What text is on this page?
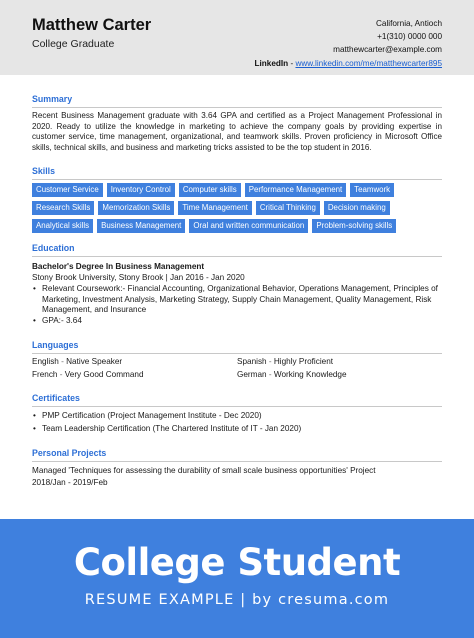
Matthew Carter
College Graduate
California, Antioch
+1(310) 0000 000
matthewcarter@example.com
LinkedIn - www.linkedin.com/me/matthewcarter895
Summary
Recent Business Management graduate with 3.64 GPA and certified as a Project Management Professional in 2020. Ready to utilize the knowledge in marketing to achieve the company goals by providing expertise in customer service, time management, organizational, and teamwork skills. Proven proficiency in Microsoft Office skills, technical skills, and business and marketing tricks assisted to be the top student in 2016.
Skills
Customer Service	Inventory Control	Computer skills	Performance Management	Teamwork
Research Skills	Memorization Skills	Time Management	Critical Thinking	Decision making
Analytical skills	Business Management	Oral and written communication	Problem-solving skills
Education
Bachelor's Degree In Business Management
Stony Brook University, Stony Brook | Jan 2016 - Jan 2020
• Relevant Coursework:- Financial Accounting, Organizational Behavior, Operations Management, Principles of Marketing, Investment Analysis, Marketing Strategy, Supply Chain Management, Quality Management, Risk Management, and Insurance
• GPA:- 3.64
Languages
English - Native Speaker	Spanish - Highly Proficient
French - Very Good Command	German - Working Knowledge
Certificates
• PMP Certification (Project Management Institute - Dec 2020)
• Team Leadership Certification (The Chartered Institute of IT - Jan 2020)
Personal Projects
Managed 'Techniques for assessing the durability of small scale business opportunities' Project
2018/Jan - 2019/Feb
College Student
RESUME EXAMPLE | by cresuma.com
